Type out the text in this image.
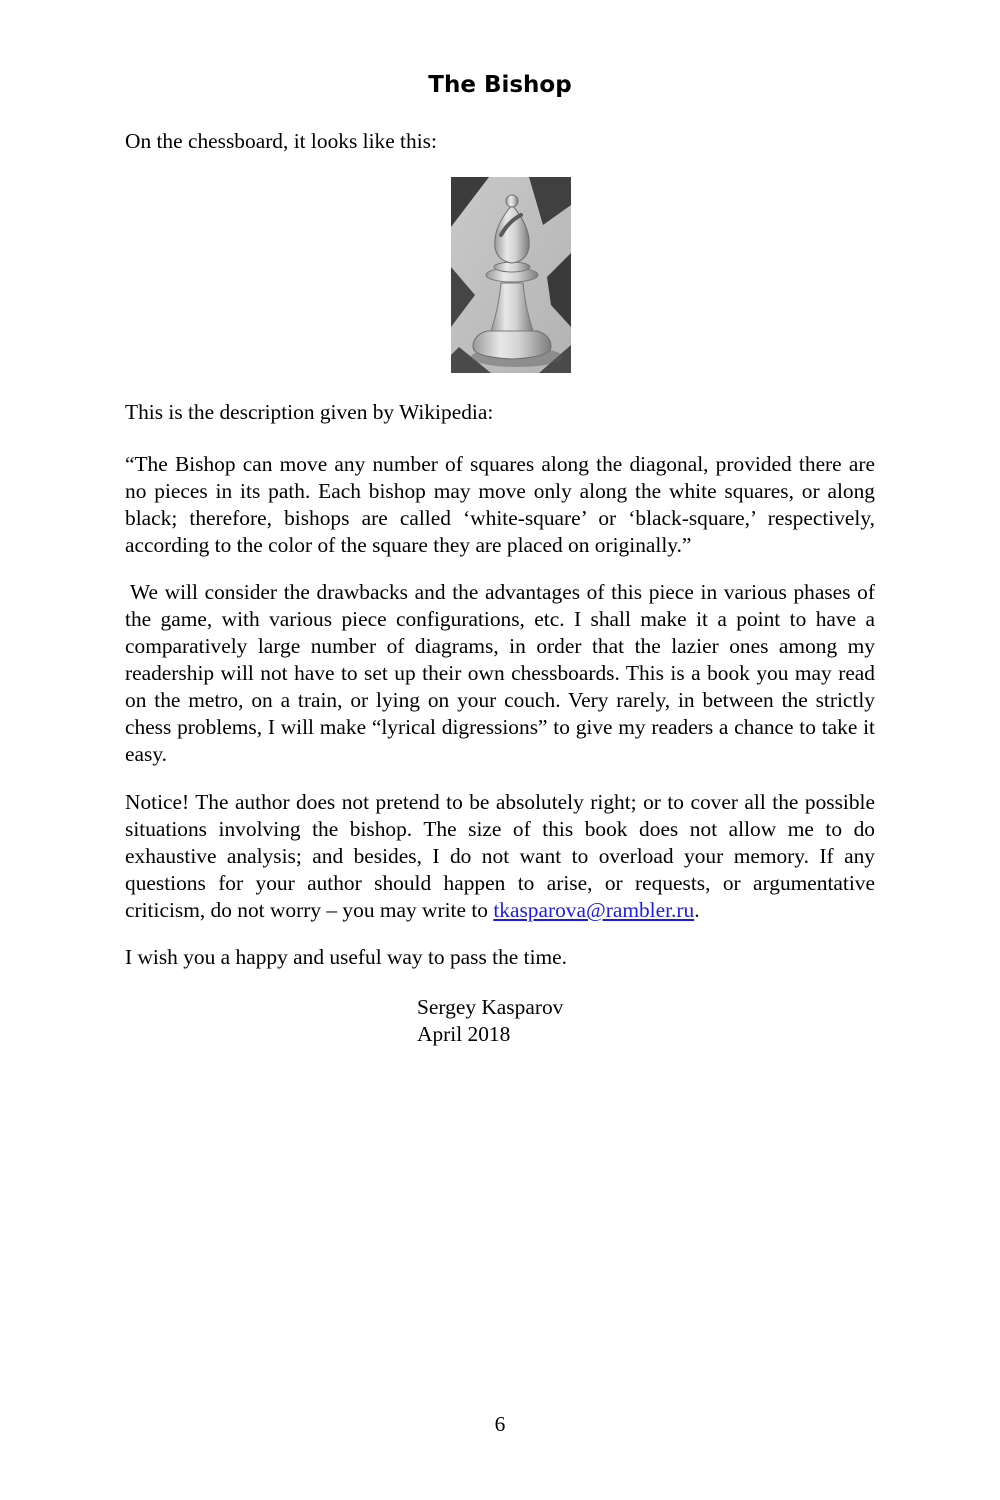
The Bishop

On the chessboard, it looks like this:

This is the description given by Wikipedia:

“The Bishop can move any number of squares along the diagonal, provided there are no pieces in its path. Each bishop may move only along the white squares, or along black; therefore, bishops are called ‘white-square’ or ‘black-square,’ respectively, according to the color of the square they are placed on originally.”

We will consider the drawbacks and the advantages of this piece in various phases of the game, with various piece configurations, etc. I shall make it a point to have a comparatively large number of diagrams, in order that the lazier ones among my readership will not have to set up their own chessboards. This is a book you may read on the metro, on a train, or lying on your couch. Very rarely, in between the strictly chess problems, I will make “lyrical digressions” to give my readers a chance to take it easy.

Notice! The author does not pretend to be absolutely right; or to cover all the possible situations involving the bishop. The size of this book does not allow me to do exhaustive analysis; and besides, I do not want to overload your memory. If any questions for your author should happen to arise, or requests, or argumentative criticism, do not worry – you may write to tkasparova@rambler.ru.

I wish you a happy and useful way to pass the time.

Sergey Kasparov
April 2018
6
